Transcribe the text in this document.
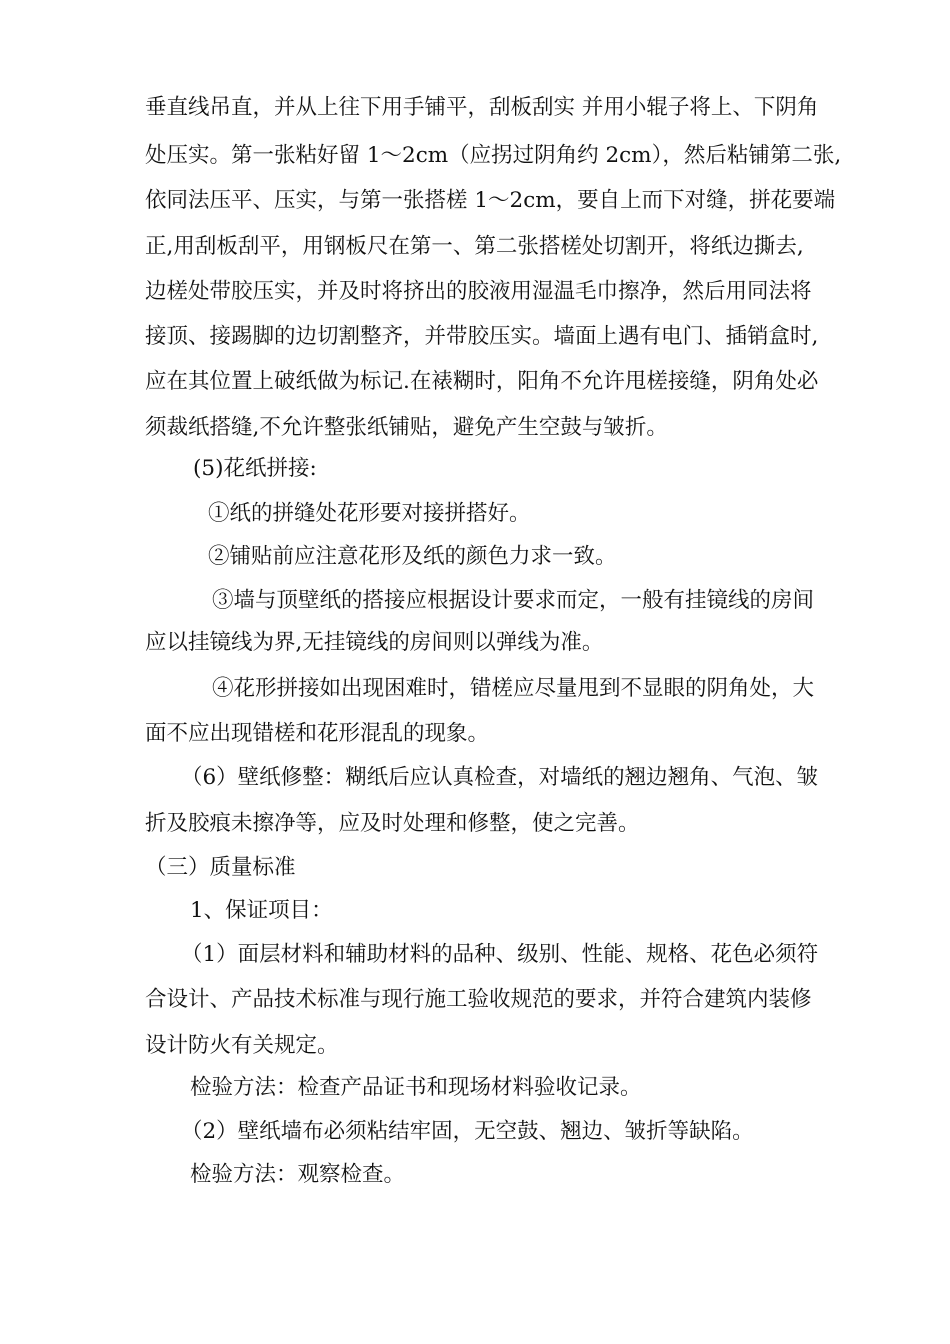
垂直线吊直，并从上往下用手铺平，刮板刮实 并用小辊子将上、下阴角
处压实。第一张粘好留 1～2cm（应拐过阴角约 2cm），然后粘铺第二张,
依同法压平、压实，与第一张搭槎 1～2cm，要自上而下对缝，拼花要端
正,用刮板刮平，用钢板尺在第一、第二张搭槎处切割开，将纸边撕去,
边槎处带胶压实，并及时将挤出的胶液用湿温毛巾擦净，然后用同法将
接顶、接踢脚的边切割整齐，并带胶压实。墙面上遇有电门、插销盒时,
应在其位置上破纸做为标记.在裱糊时，阳角不允许甩槎接缝，阴角处必
须裁纸搭缝,不允许整张纸铺贴，避免产生空鼓与皱折。
(5)花纸拼接:
①纸的拼缝处花形要对接拼搭好。
②铺贴前应注意花形及纸的颜色力求一致。
③墙与顶壁纸的搭接应根据设计要求而定，一般有挂镜线的房间
应以挂镜线为界,无挂镜线的房间则以弹线为准。
④花形拼接如出现困难时，错槎应尽量甩到不显眼的阴角处，大
面不应出现错槎和花形混乱的现象。
（6）壁纸修整：糊纸后应认真检查，对墙纸的翘边翘角、气泡、皱
折及胶痕未擦净等，应及时处理和修整，使之完善。
（三）质量标准
1、保证项目：
（1）面层材料和辅助材料的品种、级别、性能、规格、花色必须符
合设计、产品技术标准与现行施工验收规范的要求，并符合建筑内装修
设计防火有关规定。
检验方法：检查产品证书和现场材料验收记录。
（2）壁纸墙布必须粘结牢固，无空鼓、翘边、皱折等缺陷。
检验方法：观察检查。
